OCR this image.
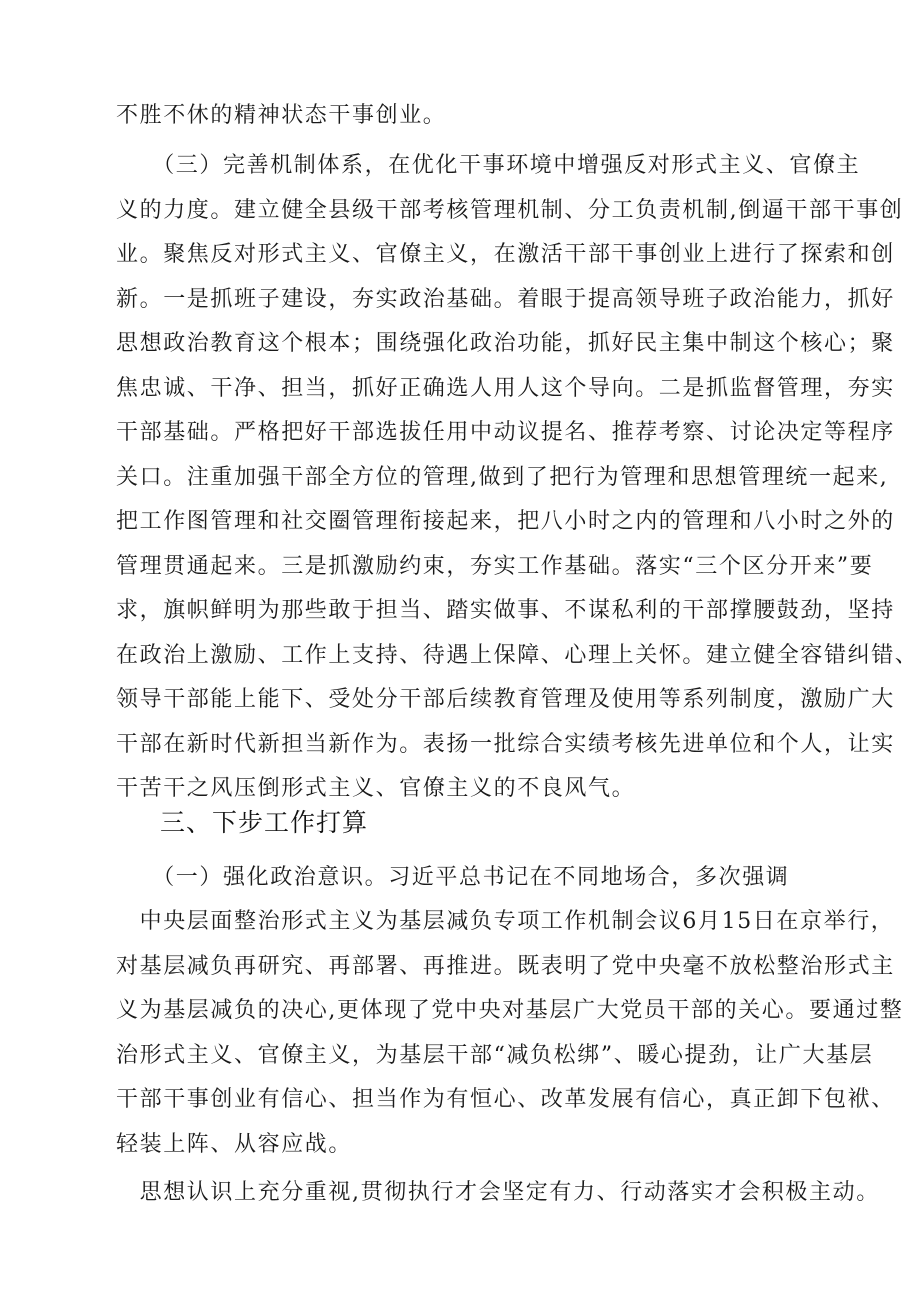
不胜不休的精神状态干事创业。
　　（三）完善机制体系，在优化干事环境中增强反对形式主义、官僚主
义的力度。建立健全县级干部考核管理机制、分工负责机制,倒逼干部干事创
业。聚焦反对形式主义、官僚主义，在激活干部干事创业上进行了探索和创
新。一是抓班子建设，夯实政治基础。着眼于提高领导班子政治能力，抓好
思想政治教育这个根本；围绕强化政治功能，抓好民主集中制这个核心；聚
焦忠诚、干净、担当，抓好正确选人用人这个导向。二是抓监督管理，夯实
干部基础。严格把好干部选拔任用中动议提名、推荐考察、讨论决定等程序
关口。注重加强干部全方位的管理,做到了把行为管理和思想管理统一起来,
把工作图管理和社交圈管理衔接起来，把八小时之内的管理和八小时之外的
管理贯通起来。三是抓激励约束，夯实工作基础。落实“三个区分开来”要
求，旗帜鲜明为那些敢于担当、踏实做事、不谋私利的干部撑腰鼓劲，坚持
在政治上激励、工作上支持、待遇上保障、心理上关怀。建立健全容错纠错、
领导干部能上能下、受处分干部后续教育管理及使用等系列制度，激励广大
干部在新时代新担当新作为。表扬一批综合实绩考核先进单位和个人，让实
干苦干之风压倒形式主义、官僚主义的不良风气。
三、下步工作打算
　　（一）强化政治意识。习近平总书记在不同地场合，多次强调
　中央层面整治形式主义为基层减负专项工作机制会议6月15日在京举行，
对基层减负再研究、再部署、再推进。既表明了党中央毫不放松整治形式主
义为基层减负的决心,更体现了党中央对基层广大党员干部的关心。要通过整
治形式主义、官僚主义，为基层干部“减负松绑”、暖心提劲，让广大基层
干部干事创业有信心、担当作为有恒心、改革发展有信心，真正卸下包袱、
轻装上阵、从容应战。
　思想认识上充分重视,贯彻执行才会坚定有力、行动落实才会积极主动。
